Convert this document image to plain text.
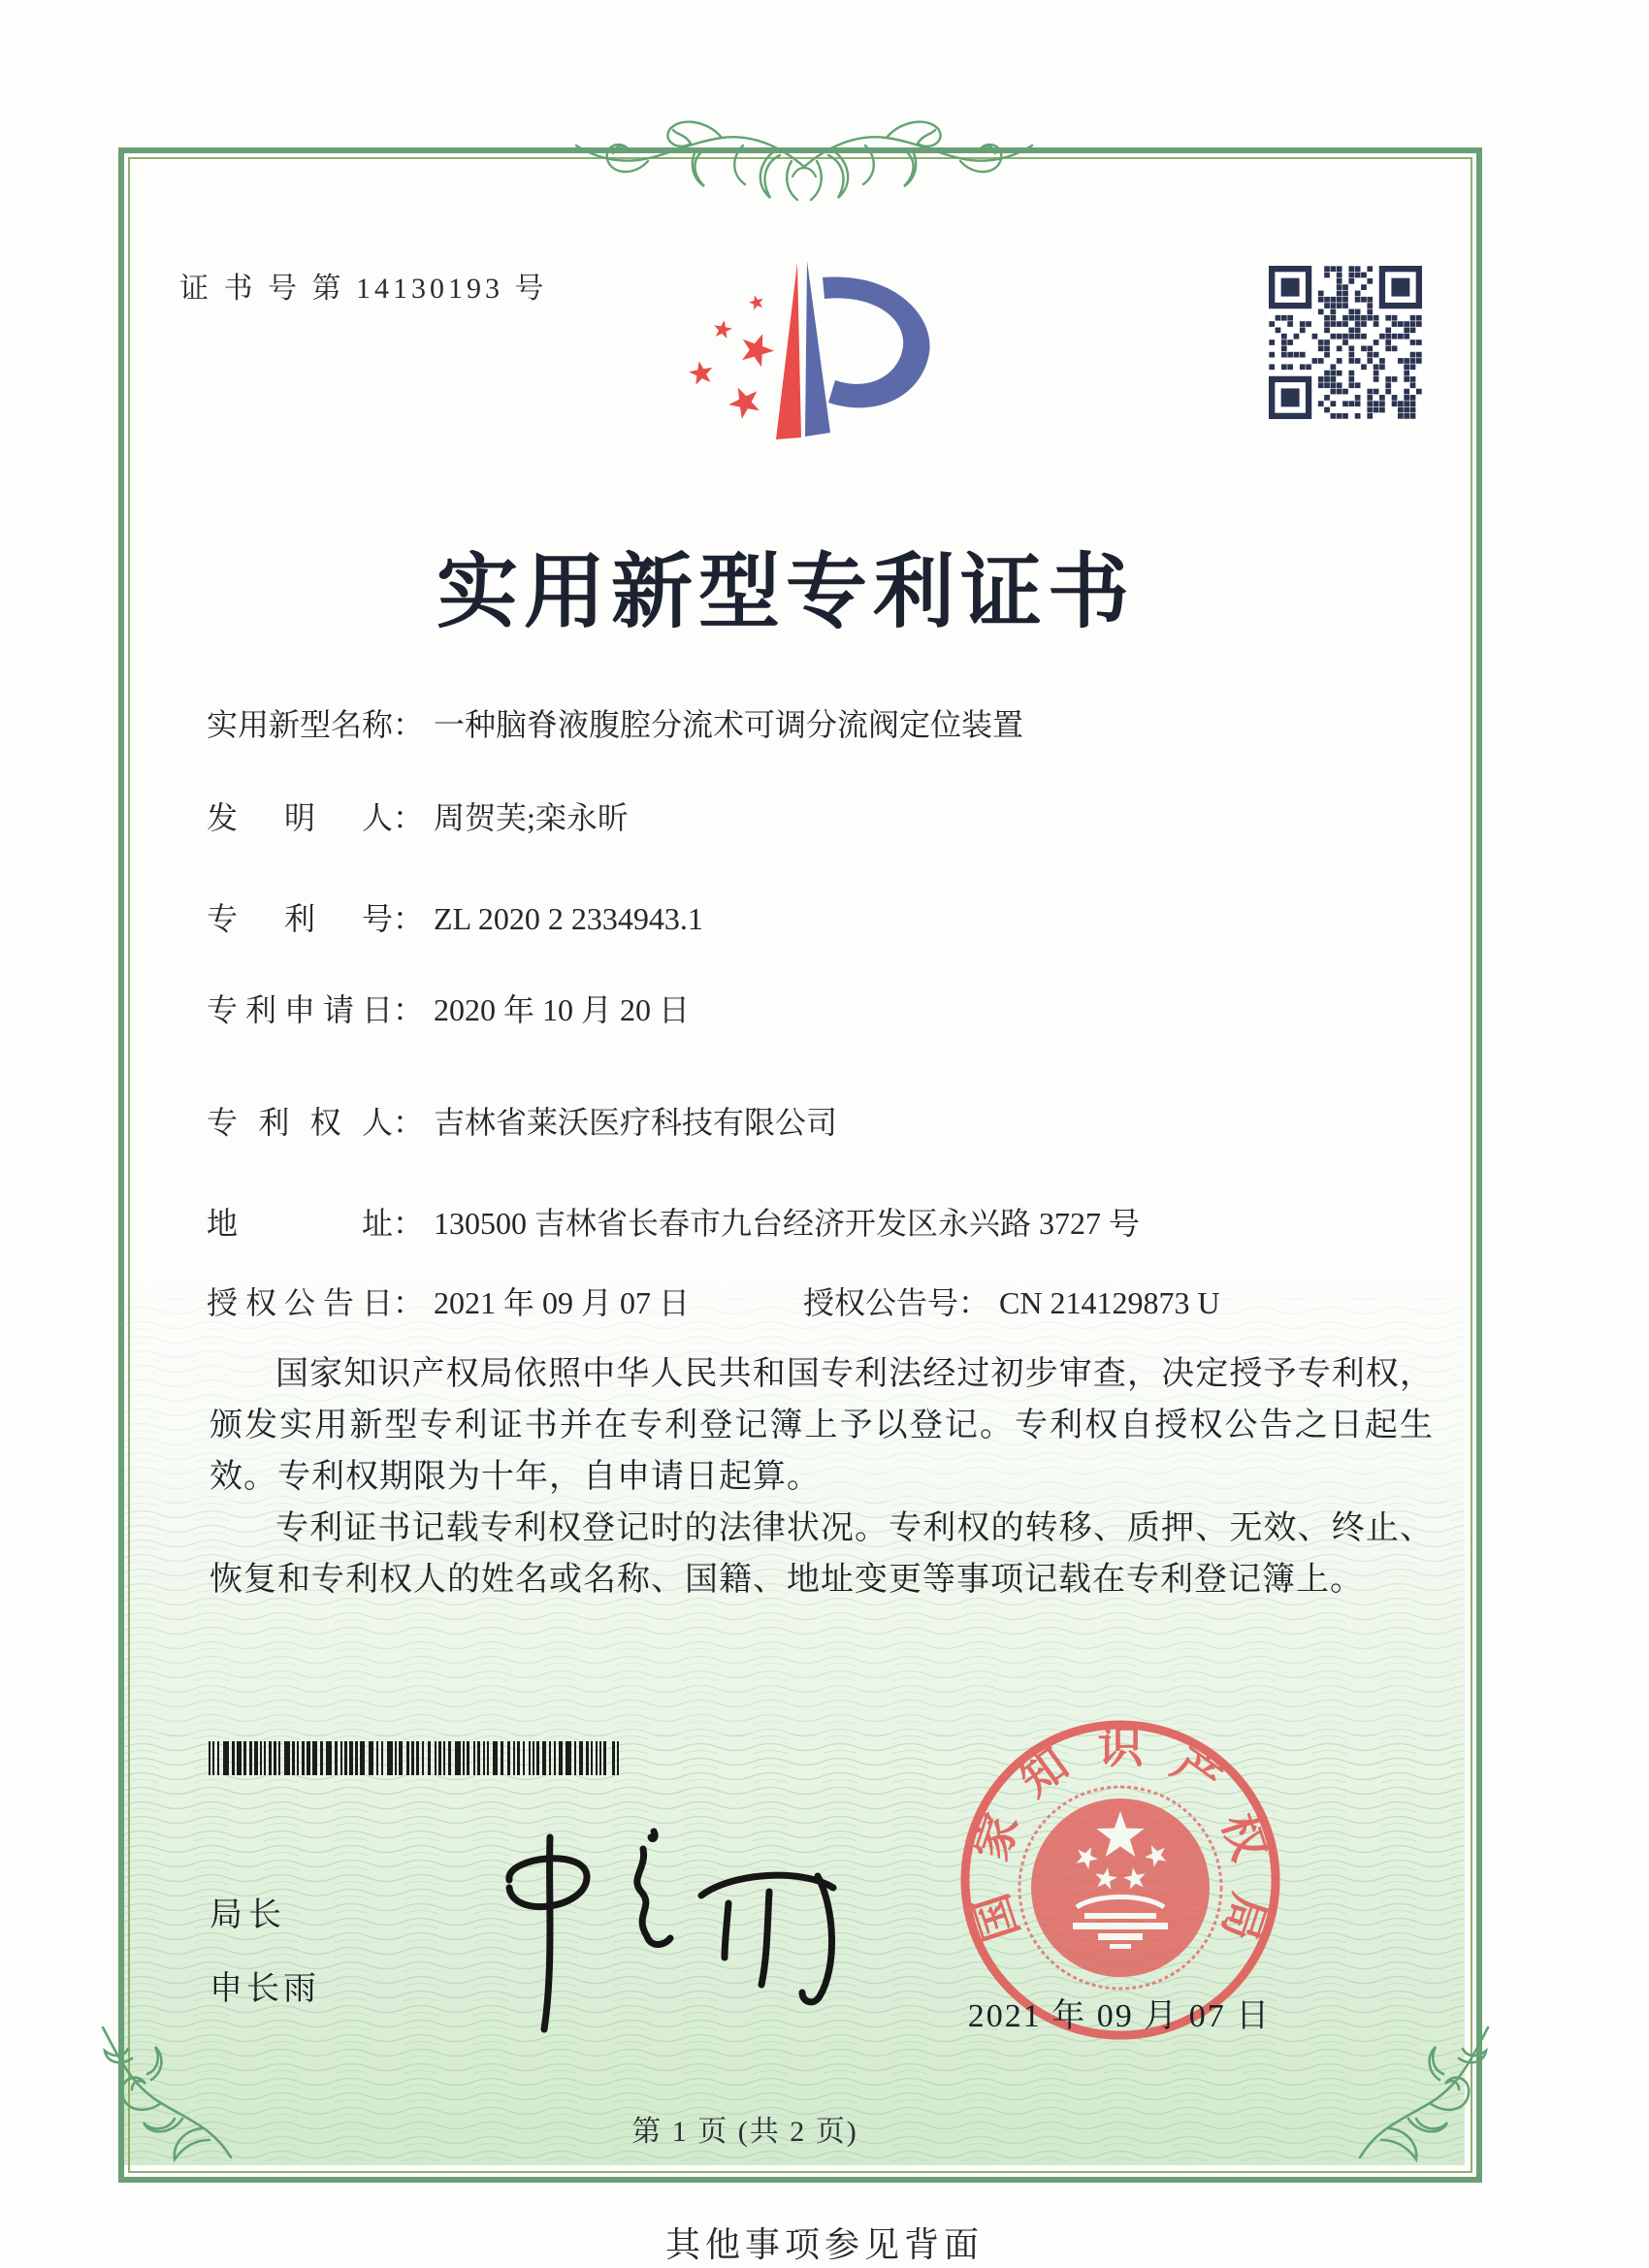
证 书 号 第 14130193 号
实用新型专利证书
实用新型名称： 一种脑脊液腹腔分流术可调分流阀定位装置
发明人： 周贺芙;栾永昕
专利号： ZL 2020 2 2334943.1
专利申请日： 2020 年 10 月 20 日
专利权人： 吉林省莱沃医疗科技有限公司
地址： 130500 吉林省长春市九台经济开发区永兴路 3727 号
授权公告日： 2021 年 09 月 07 日	授权公告号： CN 214129873 U

国家知识产权局依照中华人民共和国专利法经过初步审查，决定授予专利权，颁发实用新型专利证书并在专利登记簿上予以登记。专利权自授权公告之日起生效。专利权期限为十年，自申请日起算。

专利证书记载专利权登记时的法律状况。专利权的转移、质押、无效、终止、恢复和专利权人的姓名或名称、国籍、地址变更等事项记载在专利登记簿上。

局长
申长雨
国
家
知 识 产
权
局
2021 年 09 月 07 日
第 1 页 (共 2 页)
其他事项参见背面
